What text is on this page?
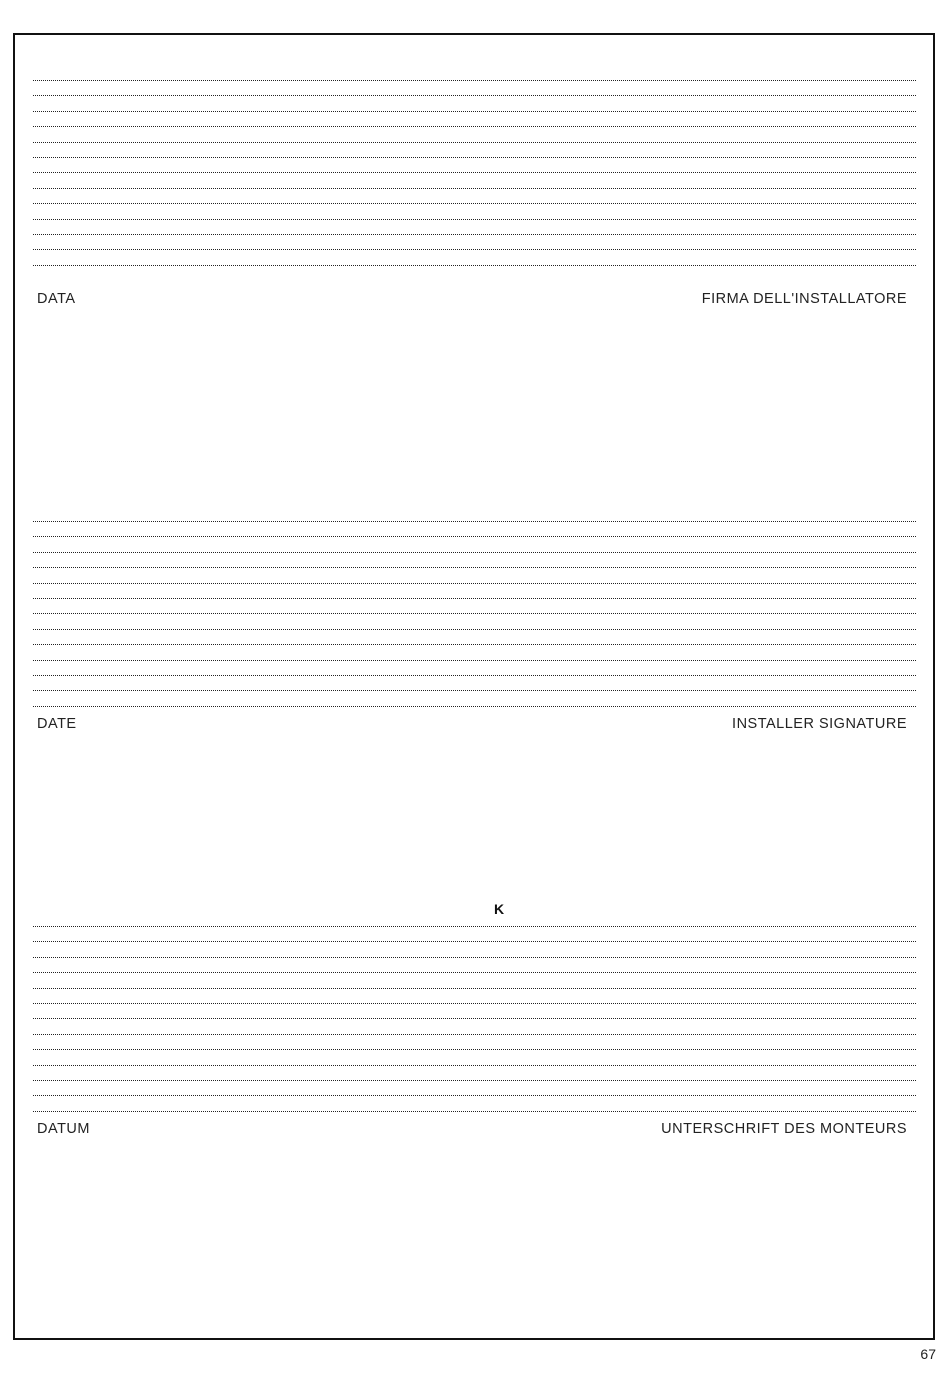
DATA	FIRMA DELL'INSTALLATORE
DATE	INSTALLER SIGNATURE
K
DATUM	UNTERSCHRIFT DES MONTEURS
67
